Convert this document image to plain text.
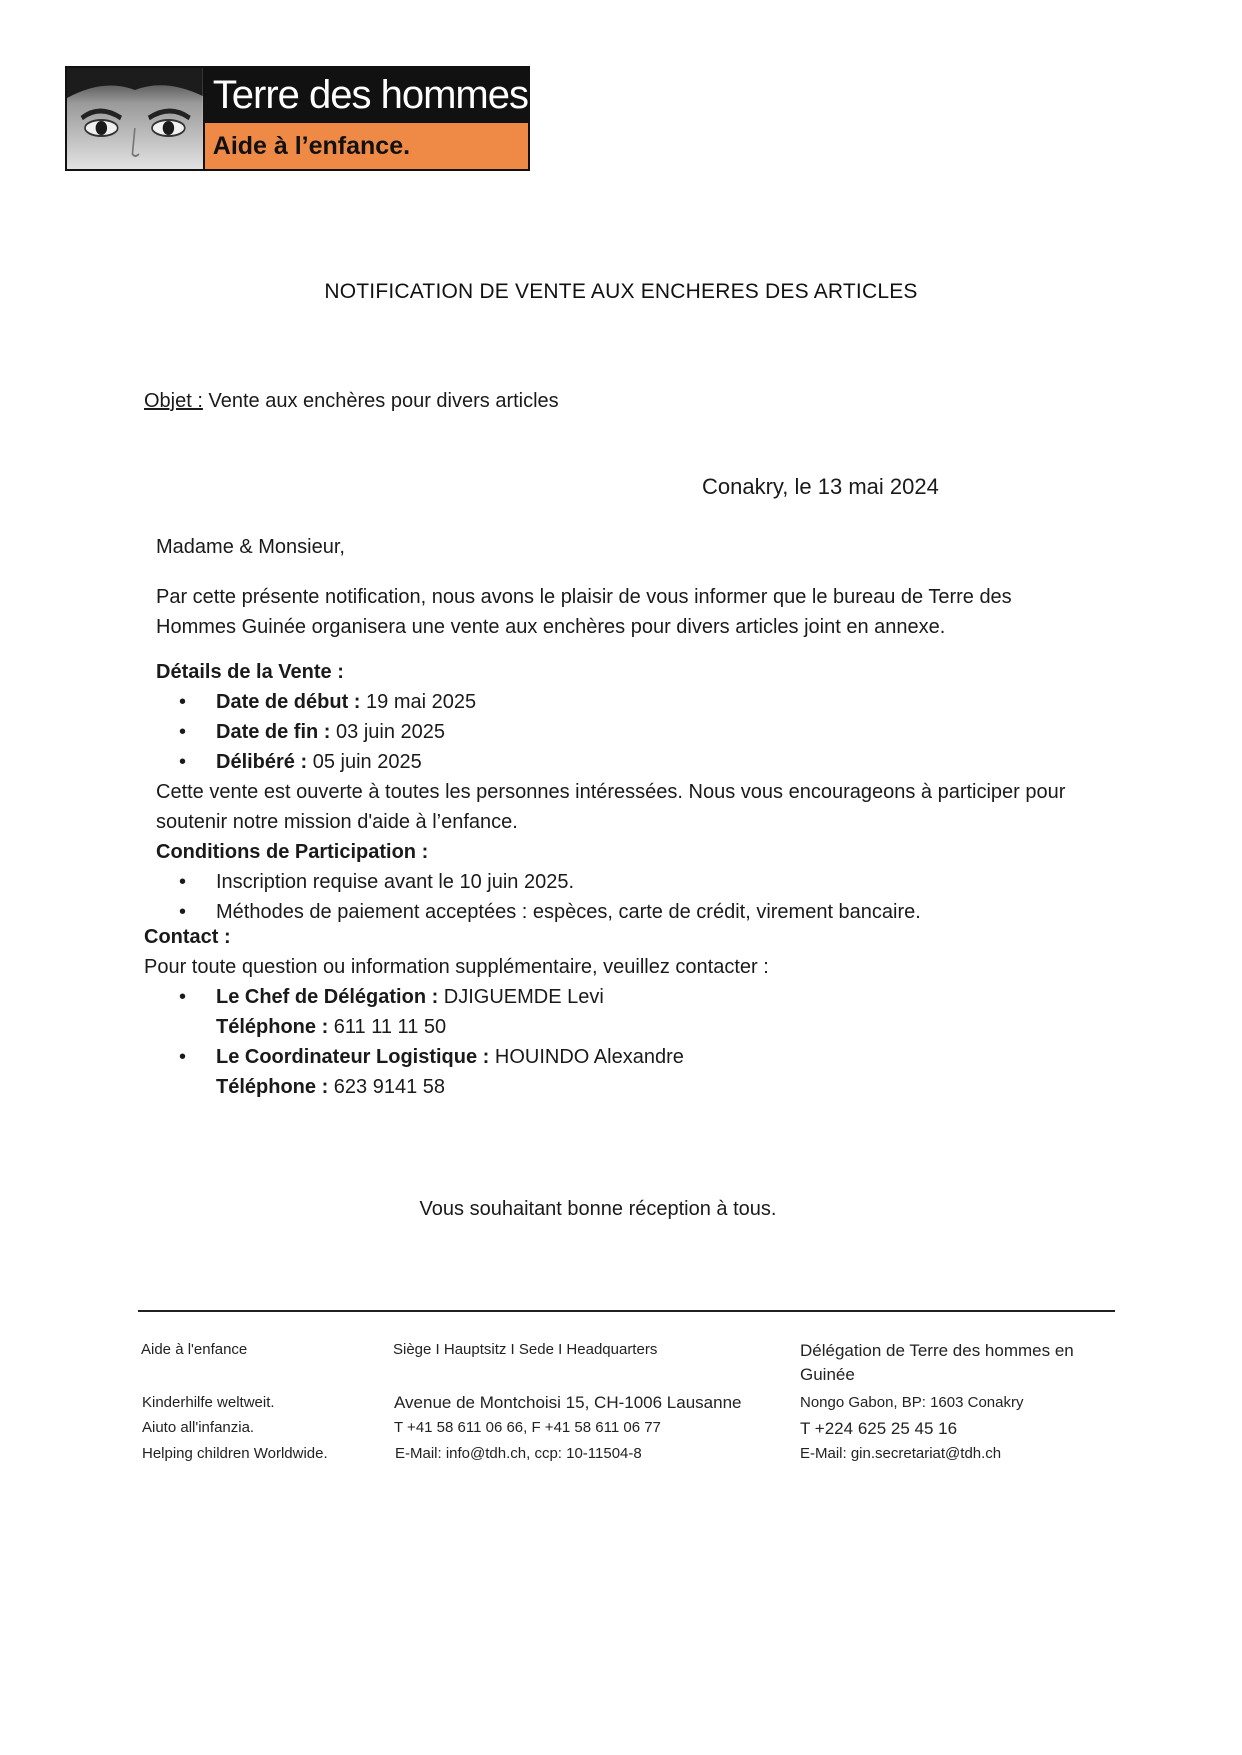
Terre des hommes
Aide à l’enfance.
NOTIFICATION DE VENTE AUX ENCHERES DES ARTICLES
Objet : Vente aux enchères pour divers articles
Conakry, le 13 mai 2024
Madame & Monsieur,
Par cette présente notification, nous avons le plaisir de vous informer que le bureau de Terre des Hommes Guinée organisera une vente aux enchères pour divers articles joint en annexe.
Détails de la Vente :
• Date de début : 19 mai 2025
• Date de fin : 03 juin 2025
• Délibéré : 05 juin 2025
Cette vente est ouverte à toutes les personnes intéressées. Nous vous encourageons à participer pour soutenir notre mission d'aide à l’enfance.
Conditions de Participation :
• Inscription requise avant le 10 juin 2025.
• Méthodes de paiement acceptées : espèces, carte de crédit, virement bancaire.
Contact :
Pour toute question ou information supplémentaire, veuillez contacter :
• Le Chef de Délégation : DJIGUEMDE Levi
Téléphone : 611 11 11 50
• Le Coordinateur Logistique : HOUINDO Alexandre
Téléphone : 623 9141 58
Vous souhaitant bonne réception à tous.
Aide à l'enfance
Kinderhilfe weltweit.
Aiuto all'infanzia.
Helping children Worldwide.
Siège I Hauptsitz I Sede I Headquarters
Avenue de Montchoisi 15, CH-1006 Lausanne
T +41 58 611 06 66, F +41 58 611 06 77
E-Mail: info@tdh.ch, ccp: 10-11504-8
Délégation de Terre des hommes en
Guinée
Nongo Gabon, BP: 1603 Conakry
T +224 625 25 45 16
E-Mail: gin.secretariat@tdh.ch
